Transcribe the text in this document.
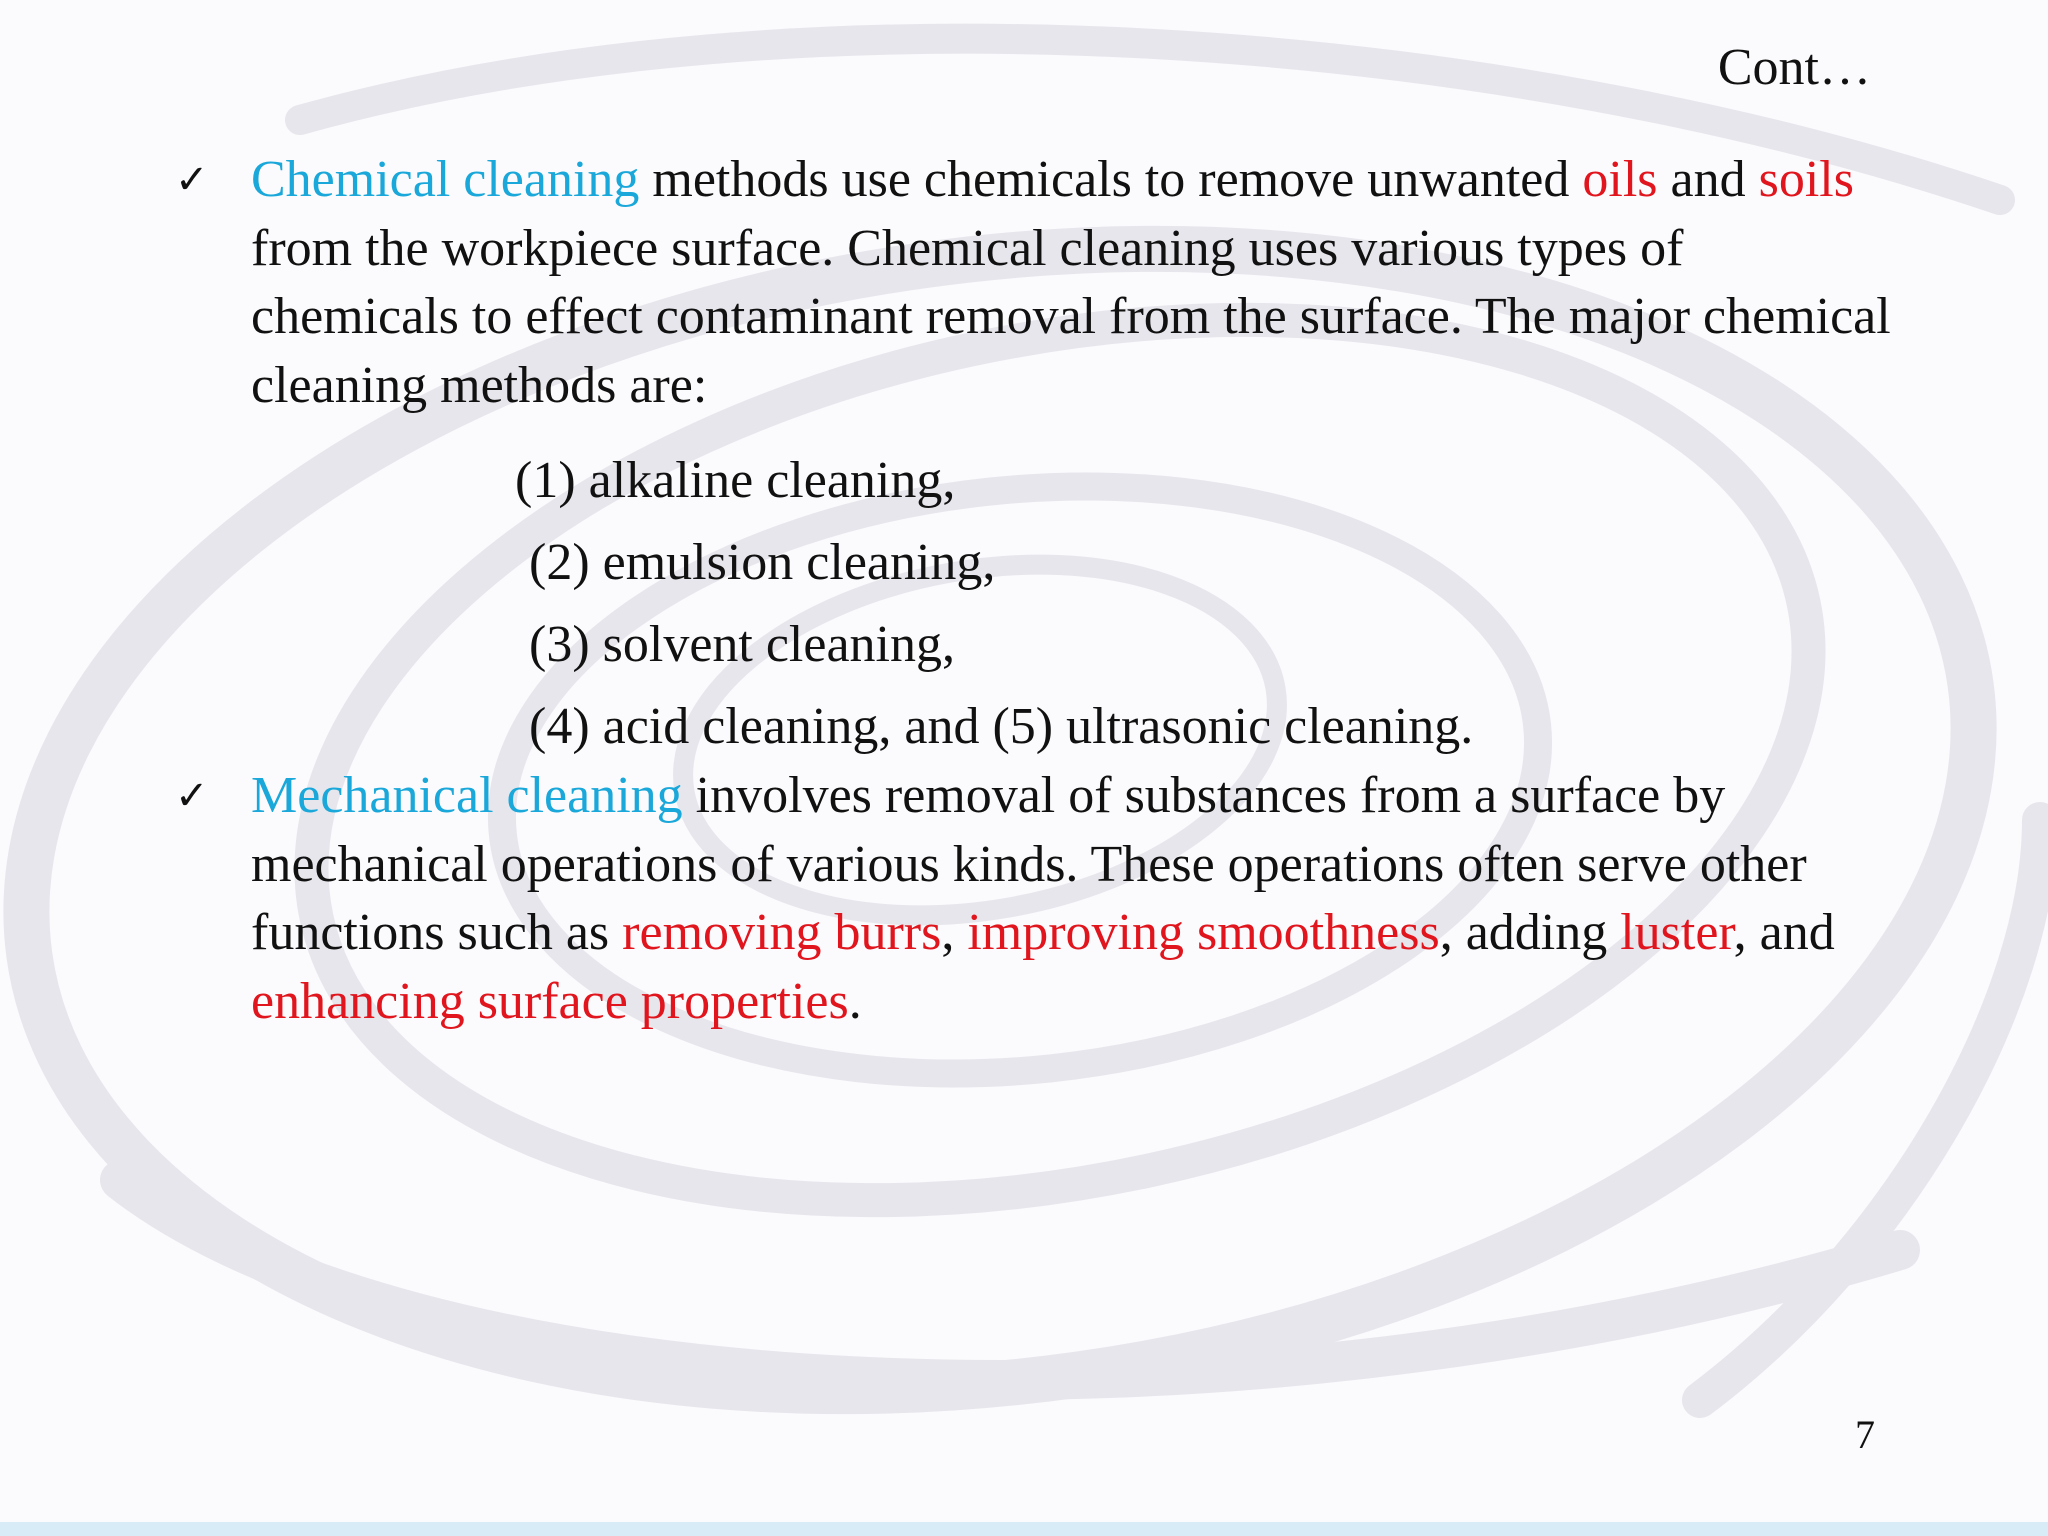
Cont…
✓ Chemical cleaning methods use chemicals to remove unwanted oils and soils from the workpiece surface. Chemical cleaning uses various types of chemicals to effect contaminant removal from the surface. The major chemical cleaning methods are:

(1) alkaline cleaning,
(2) emulsion cleaning,
(3) solvent cleaning,
(4) acid cleaning, and (5) ultrasonic cleaning.
✓ Mechanical cleaning involves removal of substances from a surface by mechanical operations of various kinds. These operations often serve other functions such as removing burrs, improving smoothness, adding luster, and enhancing surface properties.

7
